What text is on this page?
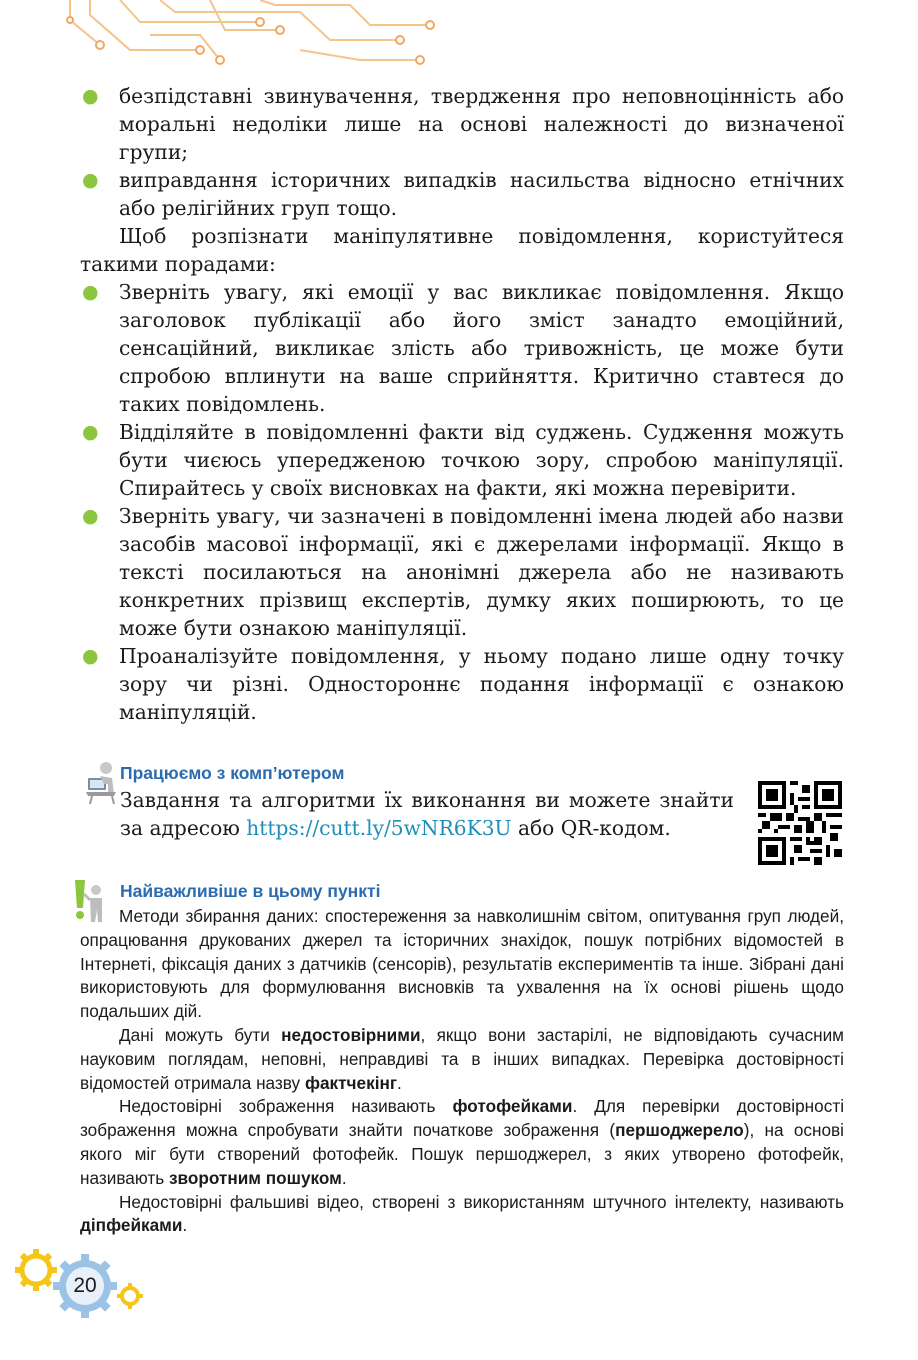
● безпідставні звинувачення, твердження про неповноцінність або моральні недоліки лише на основі належності до визначеної групи;
● виправдання історичних випадків насильства відносно етнічних або релігійних груп тощо.
Щоб розпізнати маніпулятивне повідомлення, користуйтеся такими порадами:
● Зверніть увагу, які емоції у вас викликає повідомлення. Якщо заголовок публікації або його зміст занадто емоційний, сенсаційний, викликає злість або тривожність, це може бути спробою вплинути на ваше сприйняття. Критично ставтеся до таких повідомлень.
● Відділяйте в повідомленні факти від суджень. Судження можуть бути чиєюсь упередженою точкою зору, спробою маніпуляції. Спирайтесь у своїх висновках на факти, які можна перевірити.
● Зверніть увагу, чи зазначені в повідомленні імена людей або назви засобів масової інформації, які є джерелами інформації. Якщо в тексті посилаються на анонімні джерела або не називають конкретних прізвищ експертів, думку яких поширюють, то це може бути ознакою маніпуляції.
● Проаналізуйте повідомлення, у ньому подано лише одну точку зору чи різні. Одностороннє подання інформації є ознакою маніпуляцій.
Працюємо з комп’ютером
Завдання та алгоритми їх виконання ви можете знайти за адресою https://cutt.ly/5wNR6K3U або QR-кодом.
Найважливіше в цьому пункті

Методи збирання даних: спостереження за навколишнім світом, опитування груп людей, опрацювання друкованих джерел та історичних знахідок, пошук потрібних відомостей в Інтернеті, фіксація даних з датчиків (сенсорів), результатів експериментів та інше. Зібрані дані використовують для формулювання висновків та ухвалення на їх основі рішень щодо подальших дій.

Дані можуть бути недостовірними, якщо вони застарілі, не відповідають сучасним науковим поглядам, неповні, неправдиві та в інших випадках. Перевірка достовірності відомостей отримала назву фактчекінг.

Недостовірні зображення називають фотофейками. Для перевірки достовірності зображення можна спробувати знайти початкове зображення (першоджерело), на основі якого міг бути створений фотофейк. Пошук першоджерел, з яких утворено фотофейк, називають зворотним пошуком.

Недостовірні фальшиві відео, створені з використанням штучного інтелекту, називають діпфейками.

20
